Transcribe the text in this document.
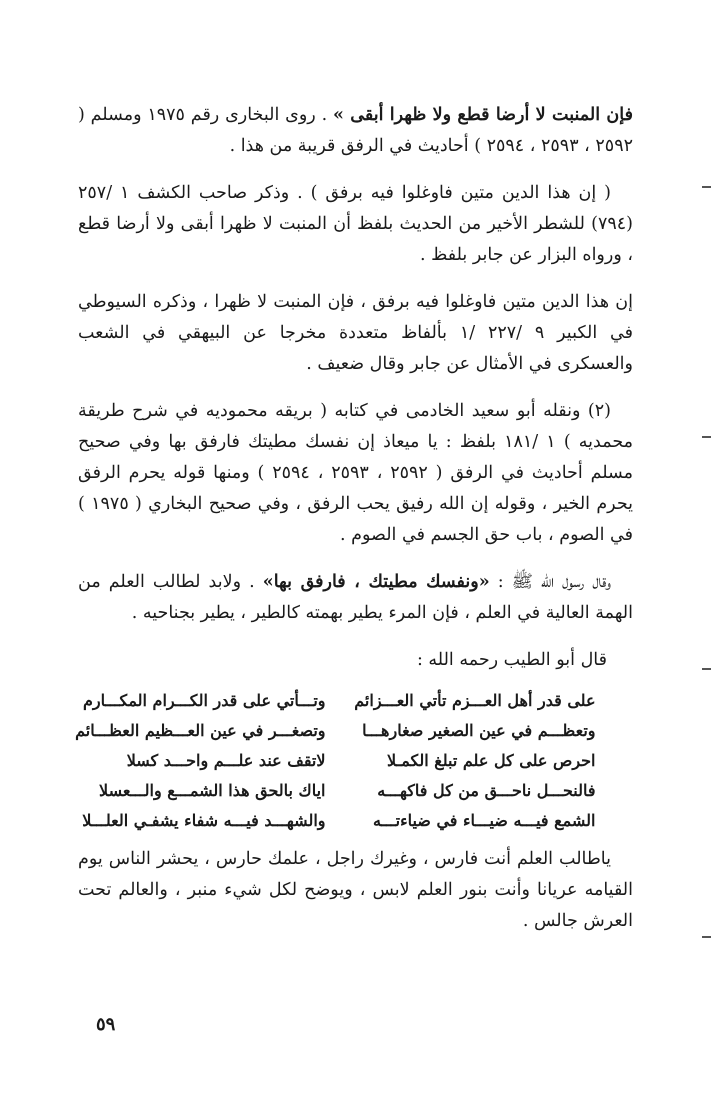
فإن المنبت لا أرضا قطع ولا ظهرا أبقى » . روى البخارى رقم ١٩٧٥ ومسلم ( ٢٥٩٢ ، ٢٥٩٣ ، ٢٥٩٤ ) أحاديث في الرفق قريبة من هذا .

( إن هذا الدين متين فاوغلوا فيه برفق ) . وذكر صاحب الكشف ١ /٢٥٧ (٧٩٤) للشطر الأخير من الحديث بلفظ أن المنبت لا ظهرا أبقى ولا أرضا قطع ، ورواه البزار عن جابر بلفظ .

إن هذا الدين متين فاوغلوا فيه برفق ، فإن المنبت لا ظهرا ، وذكره السيوطي في الكبير ٩ /٢٢٧ /١ بألفاظ متعددة مخرجا عن البيهقي في الشعب والعسكرى في الأمثال عن جابر وقال ضعيف .

(٢) ونقله أبو سعيد الخادمى في كتابه ( بريقه محموديه في شرح طريقة محمديه ) ١ /١٨١ بلفظ : يا ميعاذ إن نفسك مطيتك فارفق بها وفي صحيح مسلم أحاديث في الرفق ( ٢٥٩٢ ، ٢٥٩٣ ، ٢٥٩٤ ) ومنها قوله يحرم الرفق يحرم الخير ، وقوله إن الله رفيق يحب الرفق ، وفي صحيح البخاري ( ١٩٧٥ ) في الصوم ، باب حق الجسم في الصوم .

وقال رسول الله ﷺ : «ونفسك مطيتك ، فارفق بها» . ولابد لطالب العلم من الهمة العالية في العلم ، فإن المرء يطير بهمته كالطير ، يطير بجناحيه .

قال أبو الطيب رحمه الله :

على قدر أهل العـــزم تأتي العـــزائم
وتـــأتي على قدر الكـــرام المكـــارم
وتعظـــم في عين الصغير صغارهـــا
وتصغـــر في عين العـــظيم العظـــائم
احرص على كل علم تبلغ الكمـلا
لاتقف عند علـــم واحـــد كسلا
فالنحـــل ناحـــق من كل فاكهـــه
اياك بالحق هذا الشمـــع والـــعسلا
الشمع فيـــه ضيـــاء في ضياءتـــه
والشهـــد فيـــه شفاء يشفـي العلـــلا

ياطالب العلم أنت فارس ، وغيرك راجل ، علمك حارس ، يحشر الناس يوم القيامه عريانا وأنت بنور العلم لابس ، ويوضح لكل شيء منبر ، والعالم تحت العرش جالس .

٥٩
